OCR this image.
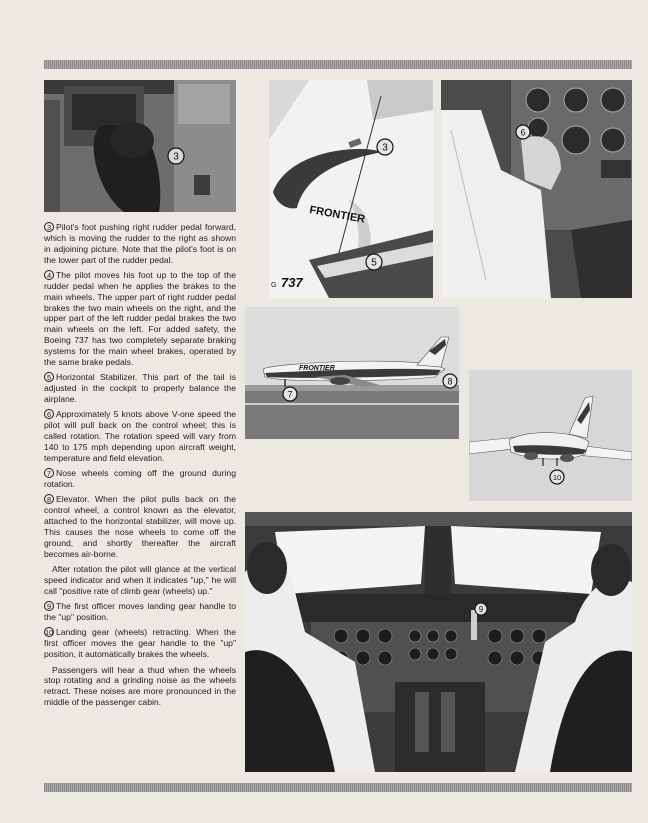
3
FRONTIER
G 737
3
5
6
FRONTIER
7
8
10
9

3 Pilot's foot pushing right rudder pedal forward, which is moving the rudder to the right as shown in adjoining picture. Note that the pilot's foot is on the lower part of the rudder pedal.

4 The pilot moves his foot up to the top of the rudder pedal when he applies the brakes to the main wheels. The upper part of right rudder pedal brakes the two main wheels on the right, and the upper part of the left rudder pedal brakes the two main wheels on the left. For added safety, the Boeing 737 has two completely separate braking systems for the main wheel brakes, operated by the same brake pedals.

5 Horizontal Stabilizer. This part of the tail is adjusted in the cockpit to properly balance the airplane.

6 Approximately 5 knots above V-one speed the pilot will pull back on the control wheel; this is called rotation. The rotation speed will vary from 140 to 175 mph depending upon aircraft weight, temperature and field elevation.

7 Nose wheels coming off the ground during rotation.

8 Elevator. When the pilot pulls back on the control wheel, a control known as the elevator, attached to the horizontal stabilizer, will move up. This causes the nose wheels to come off the ground, and shortly thereafter the aircraft becomes air-borne.

After rotation the pilot will glance at the vertical speed indicator and when it indicates "up," he will call "positive rate of climb gear (wheels) up."

9 The first officer moves landing gear handle to the "up" position.

10 Landing gear (wheels) retracting. When the first officer moves the gear handle to the "up" position, it automatically brakes the wheels.

Passengers will hear a thud when the wheels stop rotating and a grinding noise as the wheels retract. These noises are more pronounced in the middle of the passenger cabin.
